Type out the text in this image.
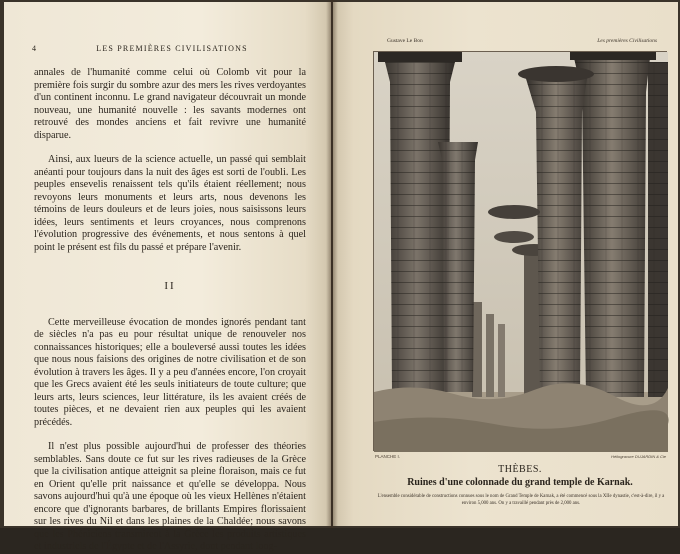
4	LES PREMIÈRES CIVILISATIONS

annales de l'humanité comme celui où Colomb vit pour la première fois surgir du sombre azur des mers les rives verdoyantes d'un continent inconnu. Le grand navigateur découvrait un monde nouveau, une humanité nouvelle : les savants modernes ont retrouvé des mondes anciens et fait revivre une humanité disparue.

Ainsi, aux lueurs de la science actuelle, un passé qui semblait anéanti pour toujours dans la nuit des âges est sorti de l'oubli. Les peuples ensevelis renaissent tels qu'ils étaient réellement; nous revoyons leurs monuments et leurs arts, nous devenons les témoins de leurs douleurs et de leurs joies, nous saisissons leurs idées, leurs sentiments et leurs croyances, nous comprenons l'évolution progressive des événements, et nous sentons à quel point le présent est fils du passé et prépare l'avenir.

II

Cette merveilleuse évocation de mondes ignorés pendant tant de siècles n'a pas eu pour résultat unique de renouveler nos connaissances historiques; elle a bouleversé aussi toutes les idées que nous nous faisions des origines de notre civilisation et de son évolution à travers les âges. Il y a peu d'années encore, l'on croyait que les Grecs avaient été les seuls initiateurs de toute culture; que leurs arts, leurs sciences, leur littérature, ils les avaient créés de toutes pièces, et ne devaient rien aux peuples qui les avaient précédés.

Il n'est plus possible aujourd'hui de professer des théories semblables. Sans doute ce fut sur les rives radieuses de la Grèce que la civilisation antique atteignit sa pleine floraison, mais ce fut en Orient qu'elle prit naissance et qu'elle se développa. Nous savons aujourd'hui qu'à une époque où les vieux Hellènes n'étaient encore que d'ignorants barbares, de brillants Empires florissaient sur les rives du Nil et dans les plaines de la Chaldée; nous savons que les Phéniciens transmirent à la Grèce les produits artistiques et industriels de l'Égypte et de l'Assyrie, dont pendant long-

Gustave Le Bon	Les premières Civilisations
PLANCHE I.	Héliogravure DUJARDIN & Cie
THÈBES.
Ruines d'une colonnade du grand temple de Karnak.
L'ensemble considérable de constructions connues sous le nom de Grand Temple de Karnak, a été commencé sous la XIIe dynastie, c'est-à-dire, il y a environ 5,000 ans. On y a travaillé pendant près de 2,000 ans.
